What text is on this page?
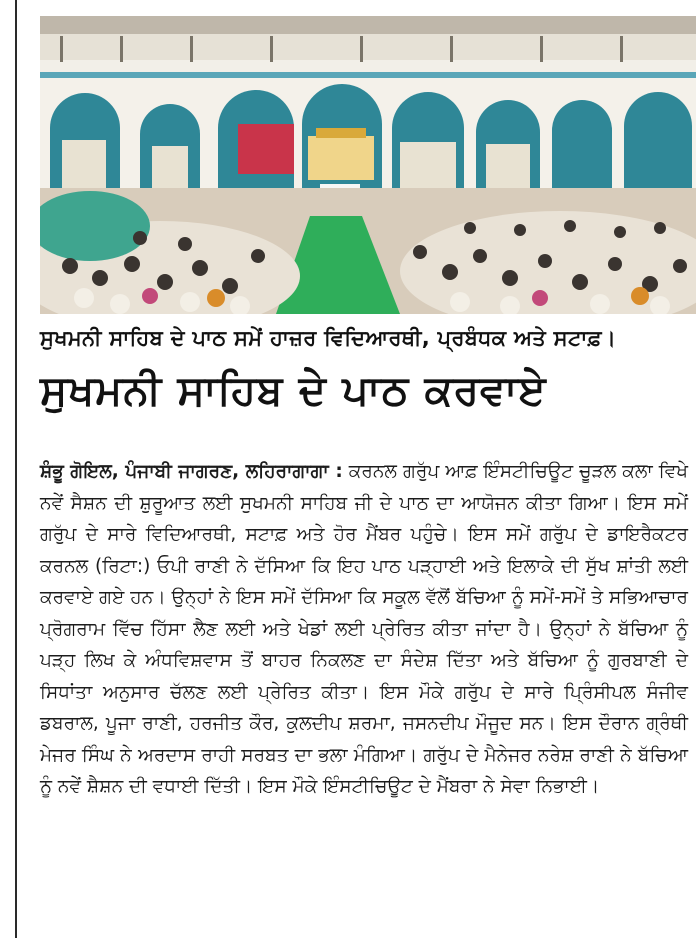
ਸੁਖਮਨੀ ਸਾਹਿਬ ਦੇ ਪਾਠ ਸਮੇਂ ਹਾਜ਼ਰ ਵਿਦਿਆਰਥੀ, ਪ੍ਰਬੰਧਕ ਅਤੇ ਸਟਾਫ਼।
ਸੁਖਮਨੀ ਸਾਹਿਬ ਦੇ ਪਾਠ ਕਰਵਾਏ
ਸ਼ੰਭੂ ਗੋਇਲ, ਪੰਜਾਬੀ ਜਾਗਰਣ, ਲਹਿਰਾਗਾਗਾ : ਕਰਨਲ ਗਰੁੱਪ ਆਫ਼ ਇੰਸਟੀਚਿਊਟ ਚੂੜਲ ਕਲਾ ਵਿਖੇ ਨਵੇਂ ਸੈਸ਼ਨ ਦੀ ਸ਼ੁਰੂਆਤ ਲਈ ਸੁਖਮਨੀ ਸਾਹਿਬ ਜੀ ਦੇ ਪਾਠ ਦਾ ਆਯੋਜਨ ਕੀਤਾ ਗਿਆ। ਇਸ ਸਮੇਂ ਗਰੁੱਪ ਦੇ ਸਾਰੇ ਵਿਦਿਆਰਥੀ, ਸਟਾਫ਼ ਅਤੇ ਹੋਰ ਮੈਂਬਰ ਪਹੁੰਚੇ। ਇਸ ਸਮੇਂ ਗਰੁੱਪ ਦੇ ਡਾਇਰੈਕਟਰ ਕਰਨਲ (ਰਿਟਾ:) ਓਪੀ ਰਾਣੀ ਨੇ ਦੱਸਿਆ ਕਿ ਇਹ ਪਾਠ ਪੜ੍ਹਾਈ ਅਤੇ ਇਲਾਕੇ ਦੀ ਸੁੱਖ ਸ਼ਾਂਤੀ ਲਈ ਕਰਵਾਏ ਗਏ ਹਨ। ਉਨ੍ਹਾਂ ਨੇ ਇਸ ਸਮੇਂ ਦੱਸਿਆ ਕਿ ਸਕੂਲ ਵੱਲੋਂ ਬੱਚਿਆ ਨੂੰ ਸਮੇਂ-ਸਮੇਂ ਤੇ ਸਭਿਆਚਾਰ ਪ੍ਰੋਗਰਾਮ ਵਿੱਚ ਹਿੱਸਾ ਲੈਣ ਲਈ ਅਤੇ ਖੇਡਾਂ ਲਈ ਪ੍ਰੇਰਿਤ ਕੀਤਾ ਜਾਂਦਾ ਹੈ। ਉਨ੍ਹਾਂ ਨੇ ਬੱਚਿਆ ਨੂੰ ਪੜ੍ਹ ਲਿਖ ਕੇ ਅੰਧਵਿਸ਼ਵਾਸ ਤੋਂ ਬਾਹਰ ਨਿਕਲਣ ਦਾ ਸੰਦੇਸ਼ ਦਿੱਤਾ ਅਤੇ ਬੱਚਿਆ ਨੂੰ ਗੁਰਬਾਣੀ ਦੇ ਸਿਧਾਂਤਾ ਅਨੁਸਾਰ ਚੱਲਣ ਲਈ ਪ੍ਰੇਰਿਤ ਕੀਤਾ। ਇਸ ਮੌਕੇ ਗਰੁੱਪ ਦੇ ਸਾਰੇ ਪ੍ਰਿੰਸੀਪਲ ਸੰਜੀਵ ਡਬਰਾਲ, ਪੂਜਾ ਰਾਣੀ, ਹਰਜੀਤ ਕੌਰ, ਕੁਲਦੀਪ ਸ਼ਰਮਾ, ਜਸਨਦੀਪ ਮੌਜੂਦ ਸਨ। ਇਸ ਦੌਰਾਨ ਗ੍ਰੰਥੀ ਮੇਜਰ ਸਿੰਘ ਨੇ ਅਰਦਾਸ ਰਾਹੀ ਸਰਬਤ ਦਾ ਭਲਾ ਮੰਗਿਆ। ਗਰੁੱਪ ਦੇ ਮੈਨੇਜਰ ਨਰੇਸ਼ ਰਾਣੀ ਨੇ ਬੱਚਿਆ ਨੂੰ ਨਵੇਂ ਸ਼ੈਸ਼ਨ ਦੀ ਵਧਾਈ ਦਿੱਤੀ। ਇਸ ਮੌਕੇ ਇੰਸਟੀਚਿਊਟ ਦੇ ਮੈਂਬਰਾ ਨੇ ਸੇਵਾ ਨਿਭਾਈ।
